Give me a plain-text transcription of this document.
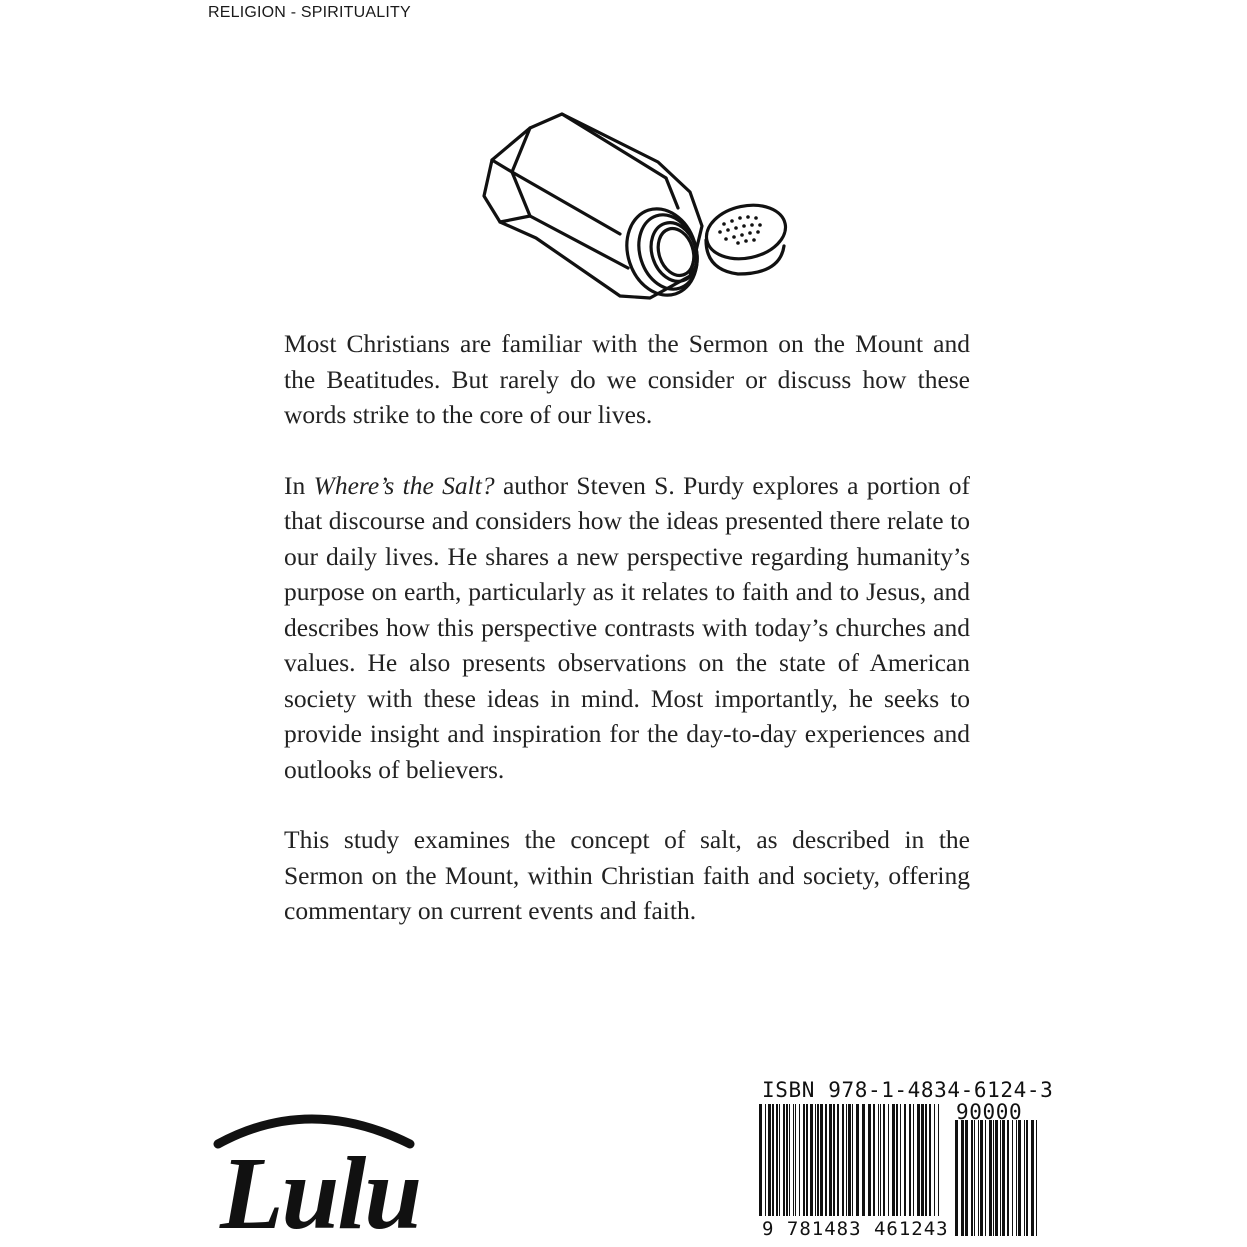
RELIGION - SPIRITUALITY

Most Christians are familiar with the Sermon on the Mount and the Beatitudes. But rarely do we consider or discuss how these words strike to the core of our lives.

In Where’s the Salt? author Steven S. Purdy explores a portion of that discourse and considers how the ideas presented there relate to our daily lives. He shares a new perspective regarding humanity’s purpose on earth, particularly as it relates to faith and to Jesus, and describes how this perspective contrasts with today’s churches and values. He also presents observations on the state of American society with these ideas in mind. Most importantly, he seeks to provide insight and inspiration for the day-to-day experiences and outlooks of believers.

This study examines the concept of salt, as described in the Sermon on the Mount, within Christian faith and society, offering commentary on current events and faith.

Lulu
ISBN 978-1-4834-6124-3
90000
9 781483 461243
